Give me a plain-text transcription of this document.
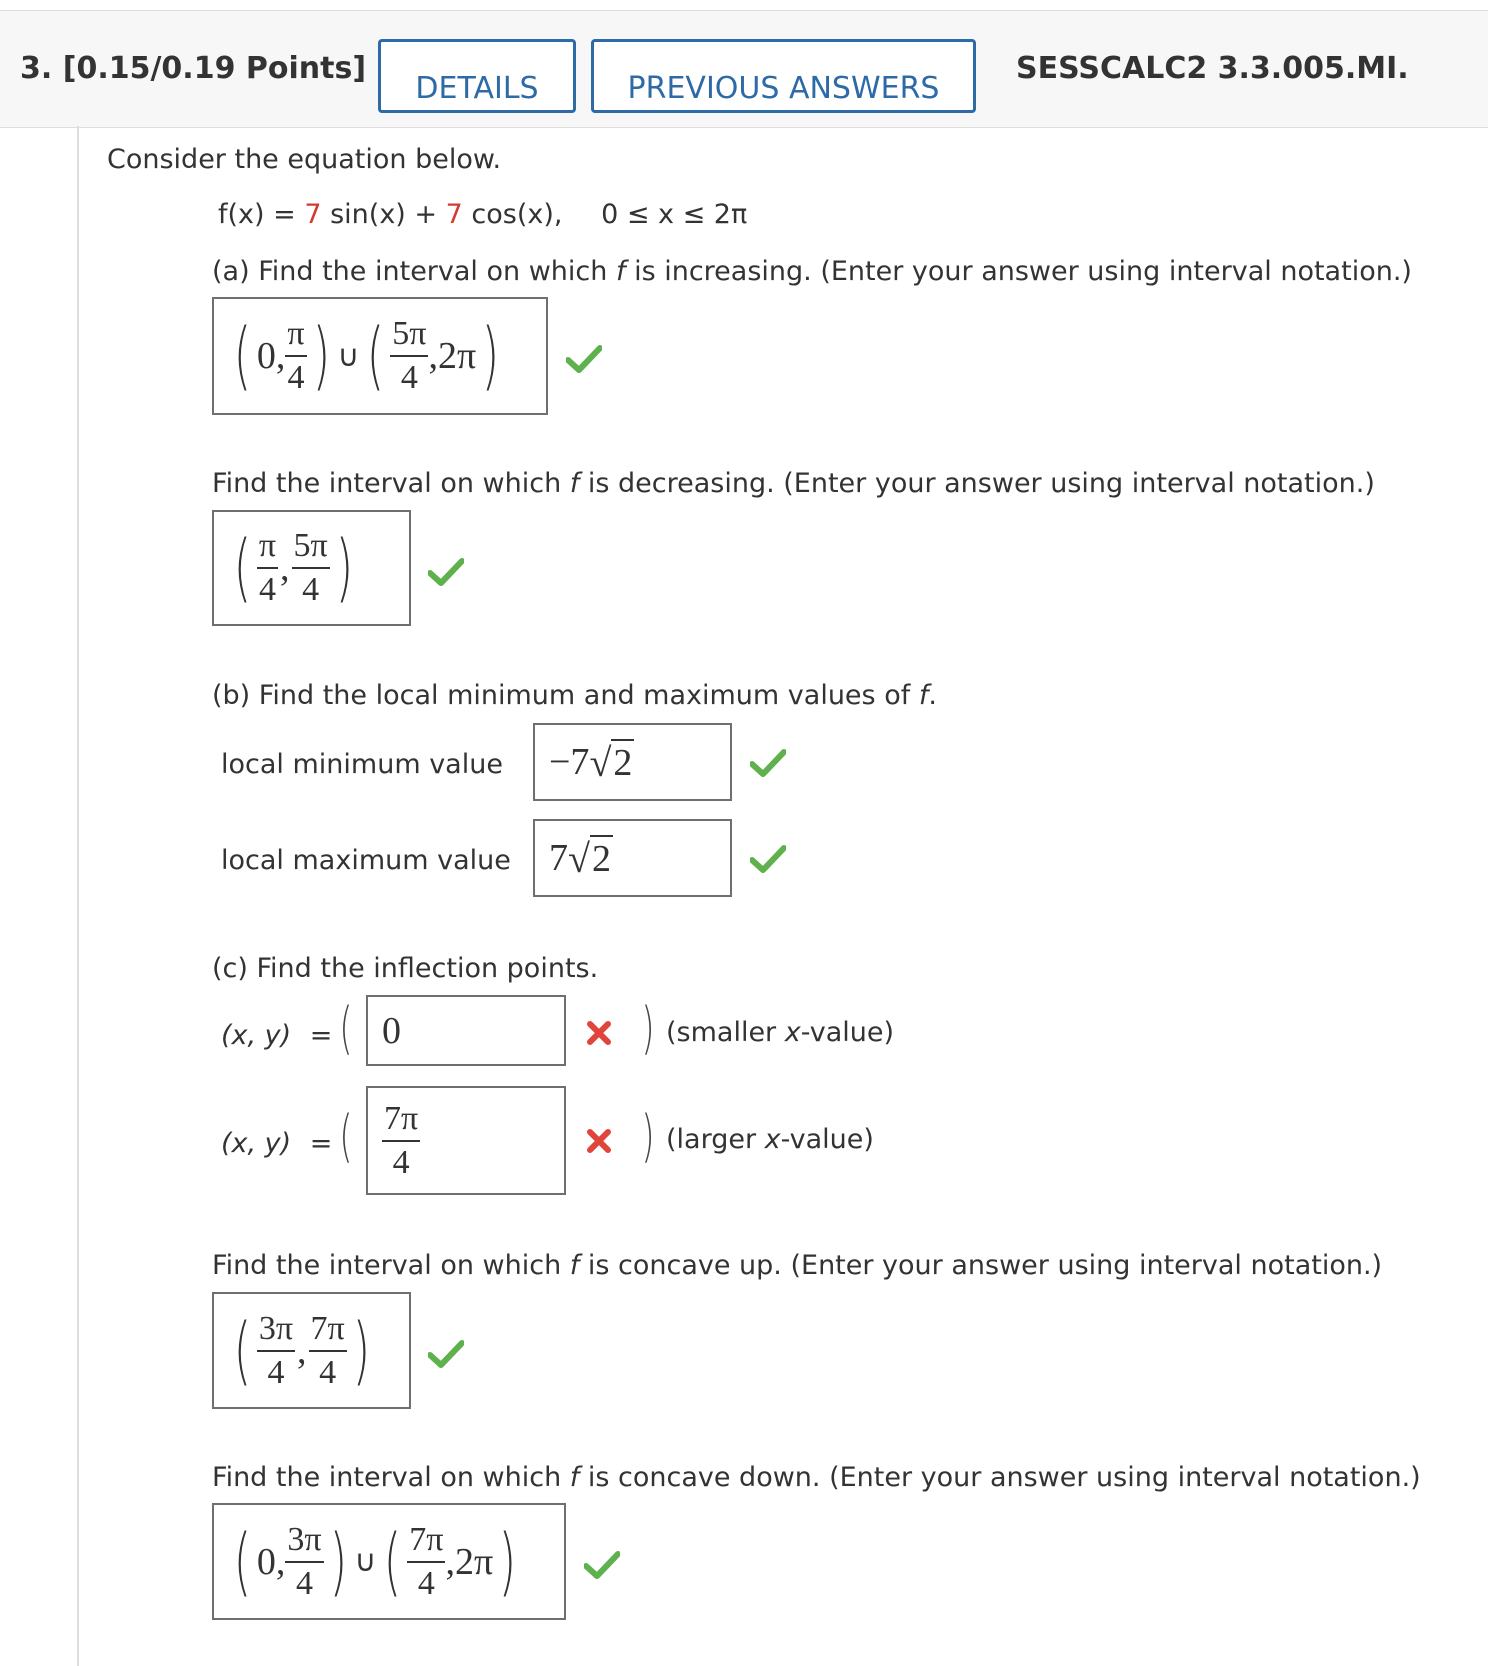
3. [0.15/0.19 Points]
DETAILS	PREVIOUS ANSWERS
SESSCALC2 3.3.005.MI.
Consider the equation below.
f(x) = 7 sin(x) + 7 cos(x), 0 ≤ x ≤ 2π
(a) Find the interval on which f is increasing. (Enter your answer using interval notation.)
( 0, $\frac{\pi}{4}$ ) ∪ ( $\frac{5\pi}{4} ,2\pi$ )
Find the interval on which f is decreasing. (Enter your answer using interval notation.)
( $\frac{\pi}{4}$ , $\frac{5\pi}{4}$ )
(b) Find the local minimum and maximum values of f.
local minimum value −7 √ 2
local maximum value 7 √ 2
(c) Find the inflection points.
(x, y) = ( 0	) (smaller x-value)
(x, y) = ( $\frac{7\pi}{4}$	) (larger x-value)
Find the interval on which f is concave up. (Enter your answer using interval notation.)
( $\frac{3\pi}{4}$ , $\frac{7\pi}{4}$ )
Find the interval on which f is concave down. (Enter your answer using interval notation.)
( 0, $\frac{3\pi}{4}$ ) ∪ ( $\frac{7\pi}{4} ,2\pi$ )
